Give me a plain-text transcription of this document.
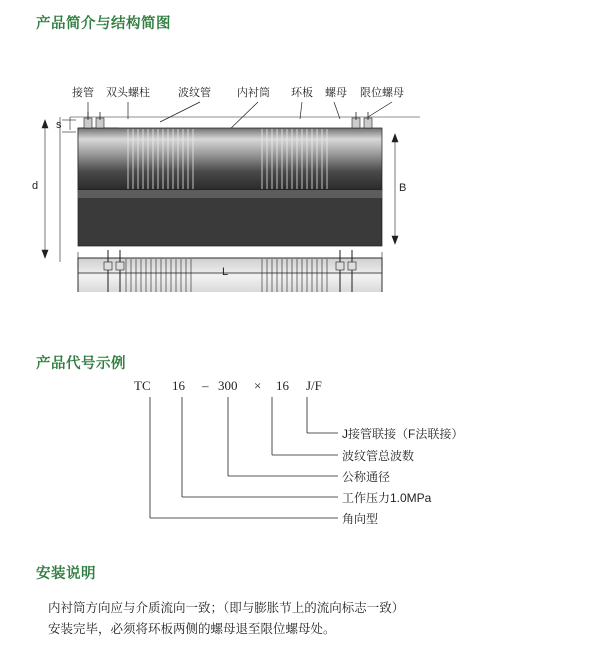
产品简介与结构简图
产品代号示例
安装说明
接管 双头螺柱	波纹管 内衬筒 环板 螺母 限位螺母
s
d	B
L
TC 16 – 300 × 16 J/F
J接管联接（F法联接）
波纹管总波数
公称通径
工作压力1.0MPa
角向型
内衬筒方向应与介质流向一致；（即与膨胀节上的流向标志一致）
安装完毕，必须将环板两侧的螺母退至限位螺母处。
